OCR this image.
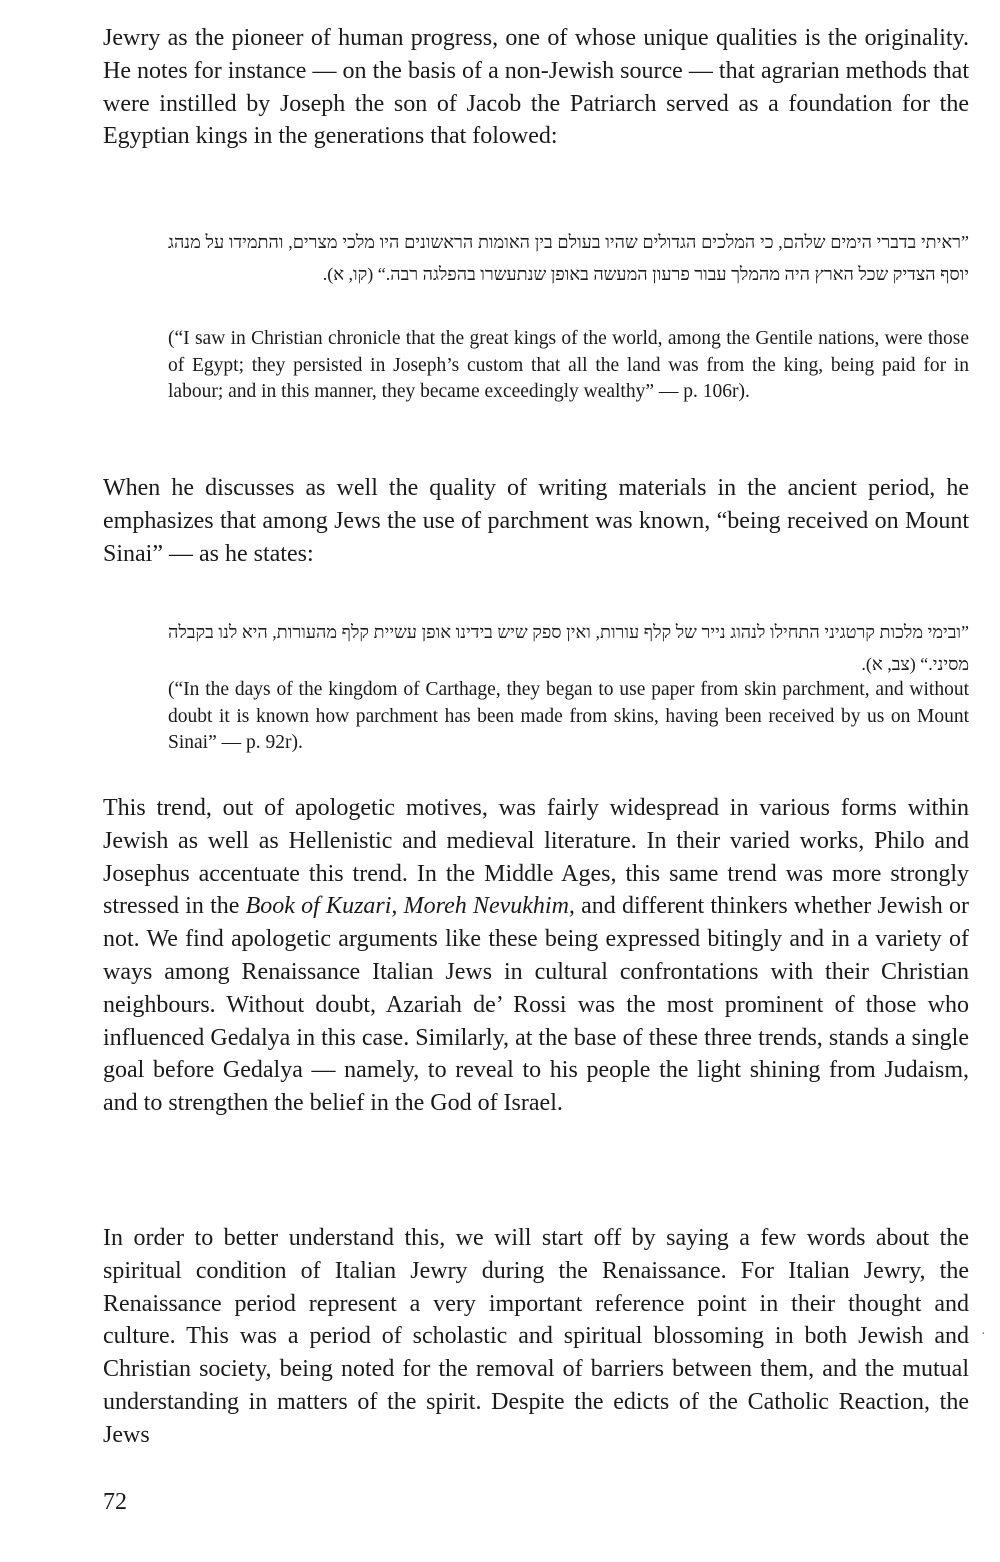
Jewry as the pioneer of human progress, one of whose unique qualities is the originality. He notes for instance — on the basis of a non-Jewish source — that agrarian methods that were instilled by Joseph the son of Jacob the Patriarch served as a foundation for the Egyptian kings in the generations that folowed:

”ראיתי בדברי הימים שלהם, כי המלכים הגדולים שהיו בעולם בין האומות הראשונים היו מלכי מצרים, והתמידו על מנהג יוסף הצדיק שכל הארץ היה מהמלך עבור פרעון המעשה באופן שנתעשרו בהפלגה רבה.“ (קו, א).

(“I saw in Christian chronicle that the great kings of the world, among the Gentile nations, were those of Egypt; they persisted in Joseph’s custom that all the land was from the king, being paid for in labour; and in this manner, they became exceedingly wealthy” — p. 106r).

When he discusses as well the quality of writing materials in the ancient period, he emphasizes that among Jews the use of parchment was known, “being received on Mount Sinai” — as he states:

”ובימי מלכות קרטגיני התחילו לנהוג נייר של קלף עורות, ואין ספק שיש בידינו אופן עשיית קלף מהעורות, היא לנו בקבלה מסיני.“ (צב, א).

(“In the days of the kingdom of Carthage, they began to use paper from skin parchment, and without doubt it is known how parchment has been made from skins, having been received by us on Mount Sinai” — p. 92r).

This trend, out of apologetic motives, was fairly widespread in various forms within Jewish as well as Hellenistic and medieval literature. In their varied works, Philo and Josephus accentuate this trend. In the Middle Ages, this same trend was more strongly stressed in the Book of Kuzari, Moreh Nevukhim, and different thinkers whether Jewish or not. We find apologetic arguments like these being expressed bitingly and in a variety of ways among Renaissance Italian Jews in cultural confrontations with their Christian neighbours. Without doubt, Azariah de’ Rossi was the most prominent of those who influenced Gedalya in this case. Similarly, at the base of these three trends, stands a single goal before Gedalya — namely, to reveal to his people the light shining from Judaism, and to strengthen the belief in the God of Israel.

In order to better understand this, we will start off by saying a few words about the spiritual condition of Italian Jewry during the Renaissance. For Italian Jewry, the Renaissance period represent a very important reference point in their thought and culture. This was a period of scholastic and spiritual blossoming in both Jewish and Christian society, being noted for the removal of barriers between them, and the mutual understanding in matters of the spirit. Despite the edicts of the Catholic Reaction, the Jews

·
72
